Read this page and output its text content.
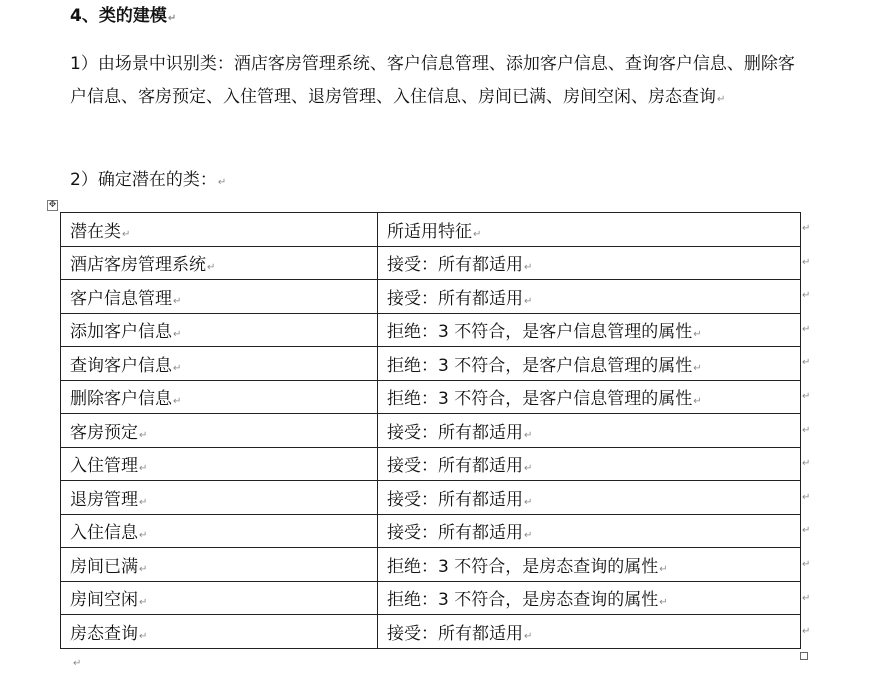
4、类的建模↵
1）由场景中识别类：酒店客房管理系统、客户信息管理、添加客户信息、查询客户信息、删除客户信息、客房预定、入住管理、退房管理、入住信息、房间已满、房间空闲、房态查询↵
2）确定潜在的类：↵
✥
潜在类↵	所适用特征↵
酒店客房管理系统↵	接受：所有都适用↵
客户信息管理↵	接受：所有都适用↵
添加客户信息↵	拒绝：3 不符合，是客户信息管理的属性↵
查询客户信息↵	拒绝：3 不符合，是客户信息管理的属性↵
删除客户信息↵	拒绝：3 不符合，是客户信息管理的属性↵
客房预定↵	接受：所有都适用↵
入住管理↵	接受：所有都适用↵
退房管理↵	接受：所有都适用↵
入住信息↵	接受：所有都适用↵
房间已满↵	拒绝：3 不符合，是房态查询的属性↵
房间空闲↵	拒绝：3 不符合，是房态查询的属性↵
房态查询↵	接受：所有都适用↵
↵
↵
↵
↵
↵
↵
↵
↵
↵
↵
↵
↵
↵
↵
